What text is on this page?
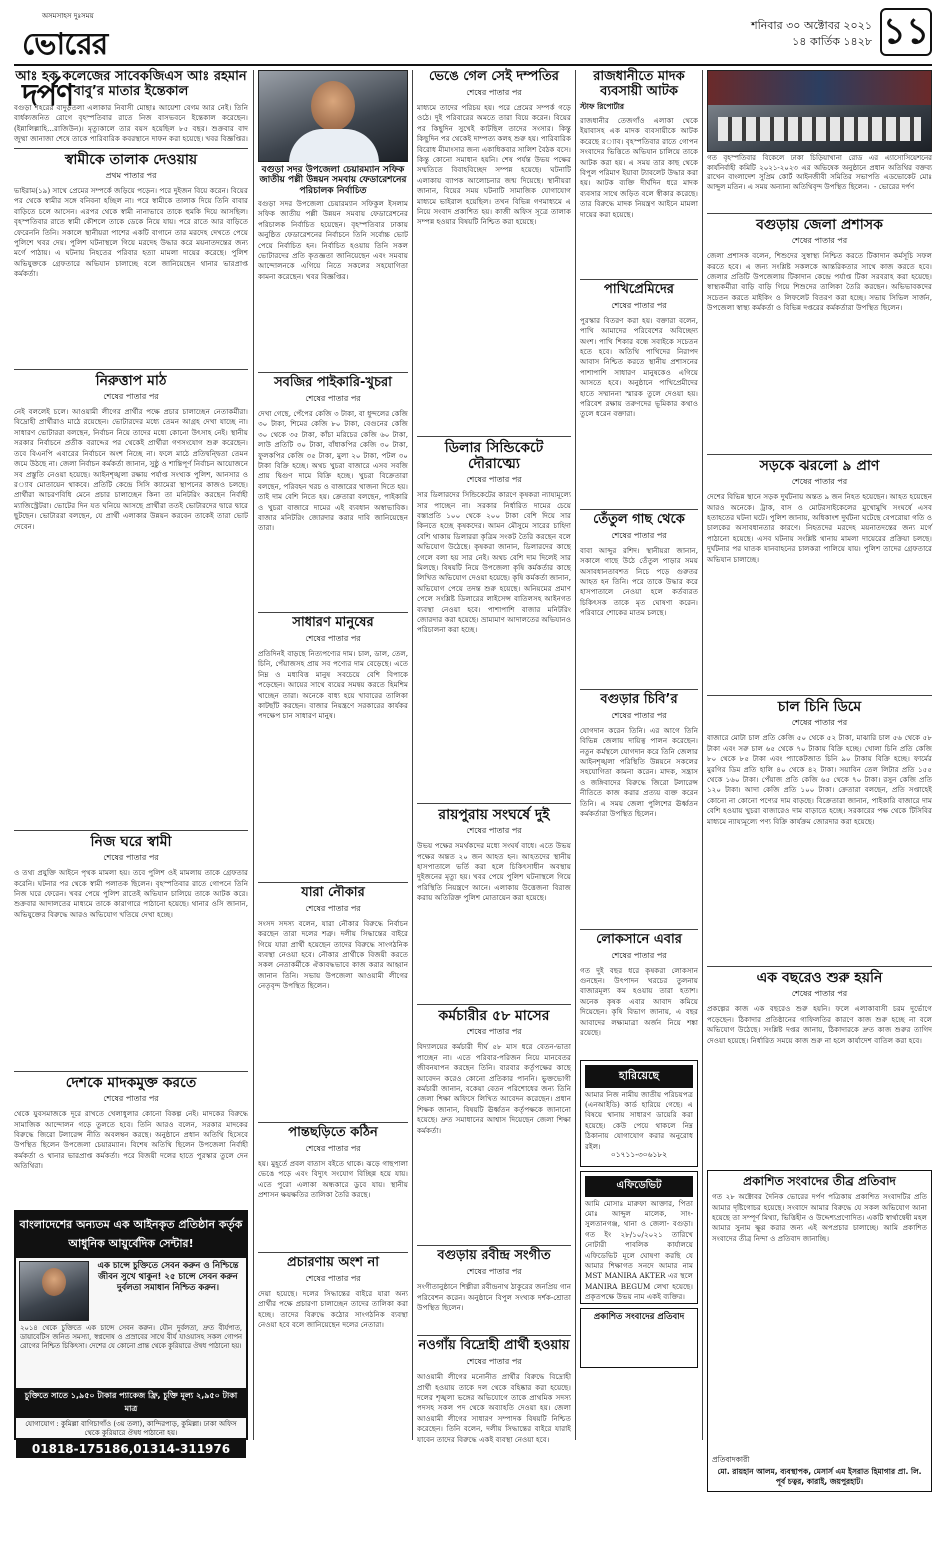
অসমসাহস দুঃসময়
ভোরের দর্পণ
শনিবার ৩০ অক্টোবর ২০২১
১৪ কার্তিক ১৪২৮ ১১
আঃ হক কলেজের সাবেকজিএস আঃ রহমান বাবু’র মাতার ইন্তেকাল
বগুড়া শহরের বাদুড়তলা এলাকার নিবাসী মোছাঃ আয়েশা বেগম আর নেই। তিনি বার্ধক্যজনিত রোগে বৃহস্পতিবার রাতে নিজ বাসভবনে ইন্তেকাল করেছেন। (ইন্নালিল্লাহি...রাজিউন)। মৃত্যুকালে তার বয়স হয়েছিল ৮৫ বছর। শুক্রবার বাদ জুম্মা জানাজা শেষে তাকে পারিবারিক কবরস্থানে দাফন করা হয়েছে। খবর বিজ্ঞপ্তির।
স্বামীকে তালাক দেওয়ায়
প্রথম পাতার পর
ভাইরাম(১৯) সাথে প্রেমের সম্পর্কে জড়িয়ে পড়েন। পরে দুইজন বিয়ে করেন। বিয়ের পর থেকে স্বামীর সঙ্গে বনিবনা হচ্ছিল না। পরে স্বামীকে তালাক দিয়ে তিনি বাবার বাড়িতে চলে আসেন। এরপর থেকে স্বামী নানাভাবে তাকে হুমকি দিয়ে আসছিল। বৃহস্পতিবার রাতে স্বামী কৌশলে তাকে ডেকে নিয়ে যায়। পরে রাতে আর বাড়িতে ফেরেননি তিনি। সকালে স্থানীয়রা পাশের একটি বাগানে তার মরদেহ দেখতে পেয়ে পুলিশে খবর দেয়। পুলিশ ঘটনাস্থলে গিয়ে মরদেহ উদ্ধার করে ময়নাতদন্তের জন্য মর্গে পাঠায়। এ ঘটনায় নিহতের পরিবার হত্যা মামলা দায়ের করেছে। পুলিশ অভিযুক্তকে গ্রেফতারে অভিযান চালাচ্ছে বলে জানিয়েছেন থানার ভারপ্রাপ্ত কর্মকর্তা।
নিরুত্তাপ মাঠ
শেষের পাতার পর
নেই বললেই চলে। আওয়ামী লীগের প্রার্থীর পক্ষে প্রচার চালাচ্ছেন নেতাকর্মীরা। বিদ্রোহী প্রার্থীরাও মাঠে রয়েছেন। ভোটারদের মধ্যে তেমন আগ্রহ দেখা যাচ্ছে না। সাধারণ ভোটাররা বলছেন, নির্বাচন নিয়ে তাদের মধ্যে কোনো উৎসাহ নেই। স্থানীয় সরকার নির্বাচনে প্রতীক বরাদ্দের পর থেকেই প্রার্থীরা গণসংযোগ শুরু করেছেন। তবে বিএনপি এবারের নির্বাচনে অংশ নিচ্ছে না। ফলে মাঠে প্রতিদ্বন্দ্বিতা তেমন জমে উঠছে না। জেলা নির্বাচন কর্মকর্তা জানান, সুষ্ঠু ও শান্তিপূর্ণ নির্বাচন আয়োজনে সব প্রস্তুতি নেওয়া হয়েছে। আইনশৃঙ্খলা রক্ষায় পর্যাপ্ত সংখ্যক পুলিশ, আনসার ও র‌্যাব মোতায়েন থাকবে। প্রতিটি কেন্দ্রে সিসি ক্যামেরা স্থাপনের কাজও চলছে। প্রার্থীরা আচরণবিধি মেনে প্রচার চালাচ্ছেন কিনা তা মনিটরিং করছেন নির্বাহী ম্যাজিস্ট্রেটরা। ভোটের দিন যত ঘনিয়ে আসছে প্রার্থীরা ততই ভোটারদের দ্বারে দ্বারে ছুটছেন। ভোটাররা বলছেন, যে প্রার্থী এলাকার উন্নয়ন করবেন তাকেই তারা ভোট দেবেন।
নিজ ঘরে স্বামী
শেষের পাতার পর
ও তথ্য প্রযুক্তি আইনে পৃথক মামলা হয়। তবে পুলিশ ওই মামলায় তাকে গ্রেফতার করেনি। ঘটনার পর থেকে স্বামী পলাতক ছিলেন। বৃহস্পতিবার রাতে গোপনে তিনি নিজ ঘরে ফেরেন। খবর পেয়ে পুলিশ রাতেই অভিযান চালিয়ে তাকে আটক করে। শুক্রবার আদালতের মাধ্যমে তাকে কারাগারে পাঠানো হয়েছে। থানার ওসি জানান, অভিযুক্তের বিরুদ্ধে আরও অভিযোগ খতিয়ে দেখা হচ্ছে।
দেশকে মাদকমুক্ত করতে
শেষের পাতার পর
থেকে যুবসমাজকে দূরে রাখতে খেলাধুলার কোনো বিকল্প নেই। মাদকের বিরুদ্ধে সামাজিক আন্দোলন গড়ে তুলতে হবে। তিনি আরও বলেন, সরকার মাদকের বিরুদ্ধে জিরো টলারেন্স নীতি অবলম্বন করছে। অনুষ্ঠানে প্রধান অতিথি হিসেবে উপস্থিত ছিলেন উপজেলা চেয়ারম্যান। বিশেষ অতিথি ছিলেন উপজেলা নির্বাহী কর্মকর্তা ও থানার ভারপ্রাপ্ত কর্মকর্তা। পরে বিজয়ী দলের হাতে পুরস্কার তুলে দেন অতিথিরা।
বাংলাদেশের অন্যতম এক আইনকৃত প্রতিষ্ঠান কর্তৃক আধুনিক আয়ুর্বেদিক সেন্টার!
এক চান্সে চুক্তিতে সেবন করুন ও নিশ্চিন্তে জীবন সুখে থাকুন! ২৫ চান্সে সেবন করুন দুর্বলতা সমাধান নিশ্চিত করুন।
২০১৪ থেকে চুক্তিতে এক চান্সে সেবন করুন। যৌন দুর্বলতা, দ্রুত বীর্যপাত, ডায়াবেটিস জনিত সমস্যা, স্বপ্নদোষ ও প্রস্রাবের সাথে বীর্য যাওয়াসহ সকল গোপন রোগের নিশ্চিত চিকিৎসা। দেশের যে কোনো প্রান্ত থেকে কুরিয়ারে ঔষধ পাঠানো হয়।
চুক্তিতে সাতে ১,৯৫০ টাকার প্যাকেজ ফ্রি, চুক্তি মূল্য ২,৯৫০ টাকা মাত্র
যোগাযোগ : কুমিল্লা বাগিচাগাঁও (৩য় তলা), কান্দিরপাড়, কুমিল্লা। ঢাকা অফিস থেকে কুরিয়ারে ঔষধ পাঠানো হয়।
01818-175186,01314-311976
বগুড়া সদর উপজেলা চেয়ারম্যান সফিক জাতীয় পল্লী উন্নয়ন সমবায় ফেডারেশনের পরিচালক নির্বাচিত
বগুড়া সদর উপজেলা চেয়ারম্যান সফিকুল ইসলাম সফিক জাতীয় পল্লী উন্নয়ন সমবায় ফেডারেশনের পরিচালক নির্বাচিত হয়েছেন। বৃহস্পতিবার ঢাকায় অনুষ্ঠিত ফেডারেশনের নির্বাচনে তিনি সর্বোচ্চ ভোট পেয়ে নির্বাচিত হন। নির্বাচিত হওয়ায় তিনি সকল ভোটারদের প্রতি কৃতজ্ঞতা জানিয়েছেন এবং সমবায় আন্দোলনকে এগিয়ে নিতে সকলের সহযোগিতা কামনা করেছেন। খবর বিজ্ঞপ্তির।
সবজির পাইকারি-খুচরা
শেষের পাতার পর
দেখা গেছে, পেঁপের কেজি ৩ টাকা, বা ধুন্দলের কেজি ৩০ টাকা, শিমের কেজি ৮০ টাকা, বেগুনের কেজি ৩০ থেকে ৩৫ টাকা, কাঁচা মরিচের কেজি ৬০ টাকা, লাউ প্রতিটি ৩০ টাকা, বাঁধাকপির কেজি ৩০ টাকা, ফুলকপির কেজি ৩৫ টাকা, মুলা ২০ টাকা, পটল ৩০ টাকা বিক্রি হচ্ছে। অথচ খুচরা বাজারে এসব সবজি প্রায় দ্বিগুণ দামে বিক্রি হচ্ছে। খুচরা বিক্রেতারা বলছেন, পরিবহন খরচ ও বাজারের খাজনা দিতে হয়। তাই দাম বেশি নিতে হয়। ক্রেতারা বলছেন, পাইকারি ও খুচরা বাজারে দামের এই ব্যবধান অস্বাভাবিক। বাজার মনিটরিং জোরদার করার দাবি জানিয়েছেন তারা।
সাধারণ মানুষের
শেষের পাতার পর
প্রতিদিনই বাড়ছে নিত্যপণ্যের দাম। চাল, ডাল, তেল, চিনি, পেঁয়াজসহ প্রায় সব পণ্যের দাম বেড়েছে। এতে নিম্ন ও মধ্যবিত্ত মানুষ সবচেয়ে বেশি বিপাকে পড়েছেন। আয়ের সাথে ব্যয়ের সমন্বয় করতে হিমশিম খাচ্ছেন তারা। অনেকে বাধ্য হয়ে খাবারের তালিকা কাটছাঁট করছেন। বাজার নিয়ন্ত্রণে সরকারের কার্যকর পদক্ষেপ চান সাধারণ মানুষ।
যারা নৌকার
শেষের পাতার পর
সংসদ সদস্য বলেন, যারা নৌকার বিরুদ্ধে নির্বাচন করছেন তারা দলের শত্রু। দলীয় সিদ্ধান্তের বাইরে গিয়ে যারা প্রার্থী হয়েছেন তাদের বিরুদ্ধে সাংগঠনিক ব্যবস্থা নেওয়া হবে। নৌকার প্রার্থীকে বিজয়ী করতে সকল নেতাকর্মীকে ঐক্যবদ্ধভাবে কাজ করার আহ্বান জানান তিনি। সভায় উপজেলা আওয়ামী লীগের নেতৃবৃন্দ উপস্থিত ছিলেন।
পান্তছড়িতে কঠিন
শেষের পাতার পর
হয়। মুহূর্তে প্রবল বাতাস বইতে থাকে। ঝড়ে গাছপালা ভেঙে পড়ে এবং বিদ্যুৎ সংযোগ বিচ্ছিন্ন হয়ে যায়। এতে পুরো এলাকা অন্ধকারে ডুবে যায়। স্থানীয় প্রশাসন ক্ষয়ক্ষতির তালিকা তৈরি করছে।
প্রচারণায় অংশ না
শেষের পাতার পর
দেয়া হয়েছে। দলের সিদ্ধান্তের বাইরে যারা অন্য প্রার্থীর পক্ষে প্রচারণা চালাচ্ছেন তাদের তালিকা করা হচ্ছে। তাদের বিরুদ্ধে কঠোর সাংগঠনিক ব্যবস্থা নেওয়া হবে বলে জানিয়েছেন দলের নেতারা।
ভেঙে গেল সেই দম্পতির
শেষের পাতার পর
মাধ্যমে তাদের পরিচয় হয়। পরে প্রেমের সম্পর্ক গড়ে ওঠে। দুই পরিবারের অমতে তারা বিয়ে করেন। বিয়ের পর কিছুদিন সুখেই কাটছিল তাদের সংসার। কিন্তু কিছুদিন পর থেকেই দাম্পত্য কলহ শুরু হয়। পারিবারিক বিরোধ মীমাংসার জন্য একাধিকবার সালিশ বৈঠক বসে। কিন্তু কোনো সমাধান হয়নি। শেষ পর্যন্ত উভয় পক্ষের সম্মতিতে বিবাহবিচ্ছেদ সম্পন্ন হয়েছে। ঘটনাটি এলাকায় ব্যাপক আলোচনার জন্ম দিয়েছে। স্থানীয়রা জানান, বিয়ের সময় ঘটনাটি সামাজিক যোগাযোগ মাধ্যমে ভাইরাল হয়েছিল। তখন বিভিন্ন গণমাধ্যমে এ নিয়ে সংবাদ প্রকাশিত হয়। কাজী অফিস সূত্রে তালাক সম্পন্ন হওয়ার বিষয়টি নিশ্চিত করা হয়েছে।
ডিলার সিন্ডিকেটে দৌরাত্ম্যে
শেষের পাতার পর
সার ডিলারদের সিন্ডিকেটের কারণে কৃষকরা ন্যায্যমূল্যে সার পাচ্ছেন না। সরকার নির্ধারিত দামের চেয়ে বস্তাপ্রতি ১০০ থেকে ২০০ টাকা বেশি দিয়ে সার কিনতে হচ্ছে কৃষকদের। আমন মৌসুমে সারের চাহিদা বেশি থাকায় ডিলাররা কৃত্রিম সংকট তৈরি করছেন বলে অভিযোগ উঠেছে। কৃষকরা জানান, ডিলারদের কাছে গেলে বলা হয় সার নেই। অথচ বেশি দাম দিলেই সার মিলছে। বিষয়টি নিয়ে উপজেলা কৃষি কর্মকর্তার কাছে লিখিত অভিযোগ দেওয়া হয়েছে। কৃষি কর্মকর্তা জানান, অভিযোগ পেয়ে তদন্ত শুরু হয়েছে। অনিয়মের প্রমাণ পেলে সংশ্লিষ্ট ডিলারের লাইসেন্স বাতিলসহ আইনগত ব্যবস্থা নেওয়া হবে। পাশাপাশি বাজার মনিটরিং জোরদার করা হয়েছে। ভ্রাম্যমাণ আদালতের অভিযানও পরিচালনা করা হচ্ছে।
রায়পুরায় সংঘর্ষে দুই
শেষের পাতার পর
উভয় পক্ষের সমর্থকদের মধ্যে সংঘর্ষ বাধে। এতে উভয় পক্ষের অন্তত ২০ জন আহত হন। আহতদের স্থানীয় হাসপাতালে ভর্তি করা হলে চিকিৎসাধীন অবস্থায় দুইজনের মৃত্যু হয়। খবর পেয়ে পুলিশ ঘটনাস্থলে গিয়ে পরিস্থিতি নিয়ন্ত্রণে আনে। এলাকায় উত্তেজনা বিরাজ করায় অতিরিক্ত পুলিশ মোতায়েন করা হয়েছে।
কর্মচারীর ৫৮ মাসের
শেষের পাতার পর
বিদ্যালয়ের কর্মচারী দীর্ঘ ৫৮ মাস ধরে বেতন-ভাতা পাচ্ছেন না। এতে পরিবার-পরিজন নিয়ে মানবেতর জীবনযাপন করছেন তিনি। বারবার কর্তৃপক্ষের কাছে আবেদন করেও কোনো প্রতিকার পাননি। ভুক্তভোগী কর্মচারী জানান, বকেয়া বেতন পরিশোধের জন্য তিনি জেলা শিক্ষা অফিসে লিখিত আবেদন করেছেন। প্রধান শিক্ষক জানান, বিষয়টি ঊর্ধ্বতন কর্তৃপক্ষকে জানানো হয়েছে। দ্রুত সমাধানের আশ্বাস দিয়েছেন জেলা শিক্ষা কর্মকর্তা।
বগুড়ায় রবীন্দ্র সংগীত
শেষের পাতার পর
সংগীতানুষ্ঠানে শিল্পীরা রবীন্দ্রনাথ ঠাকুরের জনপ্রিয় গান পরিবেশন করেন। অনুষ্ঠানে বিপুল সংখ্যক দর্শক-শ্রোতা উপস্থিত ছিলেন।
নওগাঁয় বিদ্রোহী প্রার্থী হওয়ায়
শেষের পাতার পর
আওয়ামী লীগের মনোনীত প্রার্থীর বিরুদ্ধে বিদ্রোহী প্রার্থী হওয়ায় তাকে দল থেকে বহিষ্কার করা হয়েছে। দলের শৃঙ্খলা ভঙ্গের অভিযোগে তাকে প্রাথমিক সদস্য পদসহ সকল পদ থেকে অব্যাহতি দেওয়া হয়। জেলা আওয়ামী লীগের সাধারণ সম্পাদক বিষয়টি নিশ্চিত করেছেন। তিনি বলেন, দলীয় সিদ্ধান্তের বাইরে যারাই যাবেন তাদের বিরুদ্ধে একই ব্যবস্থা নেওয়া হবে।
রাজধানীতে মাদক ব্যবসায়ী আটক
স্টাফ রিপোর্টার
রাজধানীর তেজগাঁও এলাকা থেকে ইয়াবাসহ এক মাদক ব্যবসায়ীকে আটক করেছে র‌্যাব। বৃহস্পতিবার রাতে গোপন সংবাদের ভিত্তিতে অভিযান চালিয়ে তাকে আটক করা হয়। এ সময় তার কাছ থেকে বিপুল পরিমাণ ইয়াবা ট্যাবলেট উদ্ধার করা হয়। আটক ব্যক্তি দীর্ঘদিন ধরে মাদক ব্যবসার সাথে জড়িত বলে স্বীকার করেছে। তার বিরুদ্ধে মাদক নিয়ন্ত্রণ আইনে মামলা দায়ের করা হয়েছে।
পাখিপ্রেমিদের
শেষের পাতার পর
পুরস্কার বিতরণ করা হয়। বক্তারা বলেন, পাখি আমাদের পরিবেশের অবিচ্ছেদ্য অংশ। পাখি শিকার বন্ধে সবাইকে সচেতন হতে হবে। অতিথি পাখিদের নিরাপদ আবাস নিশ্চিত করতে স্থানীয় প্রশাসনের পাশাপাশি সাধারণ মানুষকেও এগিয়ে আসতে হবে। অনুষ্ঠানে পাখিপ্রেমীদের হাতে সম্মাননা স্মারক তুলে দেওয়া হয়। পরিবেশ রক্ষায় তরুণদের ভূমিকার কথাও তুলে ধরেন বক্তারা।
তেঁতুল গাছ থেকে
শেষের পাতার পর
বাবা আব্দুর রশিদ। স্থানীয়রা জানান, সকালে গাছে উঠে তেঁতুল পাড়ার সময় অসাবধানতাবশত নিচে পড়ে গুরুতর আহত হন তিনি। পরে তাকে উদ্ধার করে হাসপাতালে নেওয়া হলে কর্তব্যরত চিকিৎসক তাকে মৃত ঘোষণা করেন। পরিবারে শোকের মাতম চলছে।
বগুড়ার চিবি’র
শেষের পাতার পর
যোগদান করেন তিনি। এর আগে তিনি বিভিন্ন জেলায় দায়িত্ব পালন করেছেন। নতুন কর্মস্থলে যোগদান করে তিনি জেলার আইনশৃঙ্খলা পরিস্থিতি উন্নয়নে সকলের সহযোগিতা কামনা করেন। মাদক, সন্ত্রাস ও জঙ্গিবাদের বিরুদ্ধে জিরো টলারেন্স নীতিতে কাজ করার প্রত্যয় ব্যক্ত করেন তিনি। এ সময় জেলা পুলিশের ঊর্ধ্বতন কর্মকর্তারা উপস্থিত ছিলেন।
লোকসানে এবার
শেষের পাতার পর
গত দুই বছর ধরে কৃষকরা লোকসান গুনছেন। উৎপাদন খরচের তুলনায় বাজারমূল্য কম হওয়ায় তারা হতাশ। অনেক কৃষক এবার আবাদ কমিয়ে দিয়েছেন। কৃষি বিভাগ জানায়, এ বছর আবাদের লক্ষ্যমাত্রা অর্জন নিয়ে শঙ্কা রয়েছে।
হারিয়েছে
আমার নিজ নামীয় জাতীয় পরিচয়পত্র (এনআইডি) কার্ড হারিয়ে গেছে। এ বিষয়ে থানায় সাধারণ ডায়েরি করা হয়েছে। কেউ পেয়ে থাকলে নিম্ন ঠিকানায় যোগাযোগ করার অনুরোধ রইল।
০১৭১১-৩০৬১৮২
এফিডেভিট
আমি মোসাঃ মারুফা আক্তার, পিতা মোঃ আব্দুল মালেক, সাং- সুলতানগঞ্জ, থানা ও জেলা- বগুড়া। গত ইং ২৮/১০/২০২১ তারিখে নোটারী পাবলিক কার্যালয়ে এফিডেভিট মূলে ঘোষণা করছি যে আমার শিক্ষাগত সনদে আমার নাম MST MANIRA AKTER এর স্থলে MANIRA BEGUM লেখা হয়েছে। প্রকৃতপক্ষে উভয় নাম একই ব্যক্তির।
প্রকাশিত সংবাদের প্রতিবাদ
গত বৃহস্পতিবার বিকেলে ঢাকা চিড়িয়াখানা রোড এর এ্যাসোসিয়েশনের কার্যনির্বাহী কমিটি ২০২১-২০২৩ এর অভিষেক অনুষ্ঠানে প্রধান অতিথির বক্তব্য রাখেন বাংলাদেশ সুপ্রিম কোর্ট আইনজীবী সমিতির সভাপতি এডভোকেট মোঃ আব্দুল মতিন। এ সময় অন্যান্য অতিথিবৃন্দ উপস্থিত ছিলেন।  - ভোরের দর্পণ
বগুড়ায় জেলা প্রশাসক
শেষের পাতার পর
জেলা প্রশাসক বলেন, শিশুদের সুস্বাস্থ্য নিশ্চিত করতে টিকাদান কর্মসূচি সফল করতে হবে। এ জন্য সংশ্লিষ্ট সকলকে আন্তরিকতার সাথে কাজ করতে হবে। জেলার প্রতিটি উপজেলায় টিকাদান কেন্দ্রে পর্যাপ্ত টিকা সরবরাহ করা হয়েছে। স্বাস্থ্যকর্মীরা বাড়ি বাড়ি গিয়ে শিশুদের তালিকা তৈরি করছেন। অভিভাবকদের সচেতন করতে মাইকিং ও লিফলেট বিতরণ করা হচ্ছে। সভায় সিভিল সার্জন, উপজেলা স্বাস্থ্য কর্মকর্তা ও বিভিন্ন দপ্তরের কর্মকর্তারা উপস্থিত ছিলেন।
সড়কে ঝরলো ৯ প্রাণ
শেষের পাতার পর
দেশের বিভিন্ন স্থানে সড়ক দুর্ঘটনায় অন্তত ৯ জন নিহত হয়েছেন। আহত হয়েছেন আরও অনেকে। ট্রাক, বাস ও মোটরসাইকেলের মুখোমুখি সংঘর্ষে এসব হতাহতের ঘটনা ঘটে। পুলিশ জানায়, অধিকাংশ দুর্ঘটনা ঘটেছে বেপরোয়া গতি ও চালকের অসাবধানতার কারণে। নিহতদের মরদেহ ময়নাতদন্তের জন্য মর্গে পাঠানো হয়েছে। এসব ঘটনায় সংশ্লিষ্ট থানায় মামলা দায়েরের প্রক্রিয়া চলছে। দুর্ঘটনার পর ঘাতক যানবাহনের চালকরা পালিয়ে যায়। পুলিশ তাদের গ্রেফতারে অভিযান চালাচ্ছে।
চাল চিনি ডিমে
শেষের পাতার পর
বাজারে মোটা চাল প্রতি কেজি ৫০ থেকে ৫২ টাকা, মাঝারি চাল ৫৬ থেকে ৫৮ টাকা এবং সরু চাল ৬৫ থেকে ৭০ টাকায় বিক্রি হচ্ছে। খোলা চিনি প্রতি কেজি ৮০ থেকে ৮৫ টাকা এবং প্যাকেটজাত চিনি ৯০ টাকায় বিক্রি হচ্ছে। ফার্মের মুরগির ডিম প্রতি হালি ৪০ থেকে ৪২ টাকা। সয়াবিন তেল লিটার প্রতি ১৫৫ থেকে ১৬০ টাকা। পেঁয়াজ প্রতি কেজি ৬৫ থেকে ৭০ টাকা। রসুন কেজি প্রতি ১২০ টাকা। আদা কেজি প্রতি ১০০ টাকা। ক্রেতারা বলছেন, প্রতি সপ্তাহেই কোনো না কোনো পণ্যের দাম বাড়ছে। বিক্রেতারা জানান, পাইকারি বাজারে দাম বেশি হওয়ায় খুচরা বাজারেও দাম বাড়াতে হচ্ছে। সরকারের পক্ষ থেকে টিসিবির মাধ্যমে ন্যায্যমূল্যে পণ্য বিক্রি কার্যক্রম জোরদার করা হয়েছে।
এক বছরেও শুরু হয়নি
শেষের পাতার পর
প্রকল্পের কাজ এক বছরেও শুরু হয়নি। ফলে এলাকাবাসী চরম দুর্ভোগে পড়েছেন। ঠিকাদার প্রতিষ্ঠানের গাফিলতির কারণে কাজ শুরু হচ্ছে না বলে অভিযোগ উঠেছে। সংশ্লিষ্ট দপ্তর জানায়, ঠিকাদারকে দ্রুত কাজ শুরুর তাগিদ দেওয়া হয়েছে। নির্ধারিত সময়ে কাজ শুরু না হলে কার্যাদেশ বাতিল করা হবে।
প্রকাশিত সংবাদের তীব্র প্রতিবাদ
গত ২৮ অক্টোবর দৈনিক ভোরের দর্পণ পত্রিকায় প্রকাশিত সংবাদটির প্রতি আমার দৃষ্টিগোচর হয়েছে। সংবাদে আমার বিরুদ্ধে যে সকল অভিযোগ আনা হয়েছে তা সম্পূর্ণ মিথ্যা, ভিত্তিহীন ও উদ্দেশ্যপ্রণোদিত। একটি স্বার্থান্বেষী মহল আমার সুনাম ক্ষুণ্ণ করার জন্য এই অপপ্রচার চালাচ্ছে। আমি প্রকাশিত সংবাদের তীব্র নিন্দা ও প্রতিবাদ জানাচ্ছি।
প্রতিবাদকারী
মো. রায়হান আলম, ব্যবস্থাপক, মেসার্স এম ইসরাত হিমাগার প্রা. লি. পূর্ব চত্বর, কারাই, জয়পুরহাট।
